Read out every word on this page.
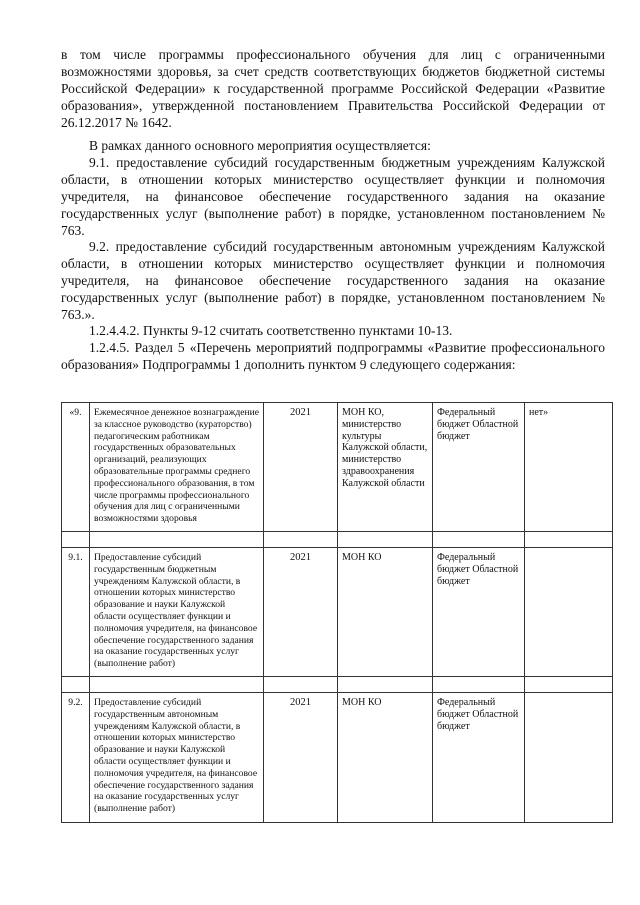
в том числе программы профессионального обучения для лиц с ограниченными возможностями здоровья, за счет средств соответствующих бюджетов бюджетной системы Российской Федерации» к государственной программе Российской Федерации «Развитие образования», утвержденной постановлением Правительства Российской Федерации от 26.12.2017 № 1642.
В рамках данного основного мероприятия осуществляется:
9.1. предоставление субсидий государственным бюджетным учреждениям Калужской области, в отношении которых министерство осуществляет функции и полномочия учредителя, на финансовое обеспечение государственного задания на оказание государственных услуг (выполнение работ) в порядке, установленном постановлением № 763.
9.2. предоставление субсидий государственным автономным учреждениям Калужской области, в отношении которых министерство осуществляет функции и полномочия учредителя, на финансовое обеспечение государственного задания на оказание государственных услуг (выполнение работ) в порядке, установленном постановлением № 763.».
1.2.4.4.2. Пункты 9-12 считать соответственно пунктами 10-13.
1.2.4.5. Раздел 5 «Перечень мероприятий подпрограммы «Развитие профессионального образования» Подпрограммы 1 дополнить пунктом 9 следующего содержания:
«9.	Ежемесячное денежное вознаграждение за классное руководство (кураторство) педагогическим работникам государственных образовательных организаций, реализующих образовательные программы среднего профессионального образования, в том числе программы профессионального обучения для лиц с ограниченными возможностями здоровья	2021	МОН КО, министерство культуры Калужской области, министерство здравоохранения Калужской области	Федеральный бюджет Областной бюджет	нет»

9.1.	Предоставление субсидий государственным бюджетным учреждениям Калужской области, в отношении которых министерство образование и науки Калужской области осуществляет функции и полномочия учредителя, на финансовое обеспечение государственного задания на оказание государственных услуг (выполнение работ)	2021	МОН КО	Федеральный бюджет Областной бюджет	

9.2.	Предоставление субсидий государственным автономным учреждениям Калужской области, в отношении которых министерство образование и науки Калужской области осуществляет функции и полномочия учредителя, на финансовое обеспечение государственного задания на оказание государственных услуг (выполнение работ)	2021	МОН КО	Федеральный бюджет Областной бюджет	
